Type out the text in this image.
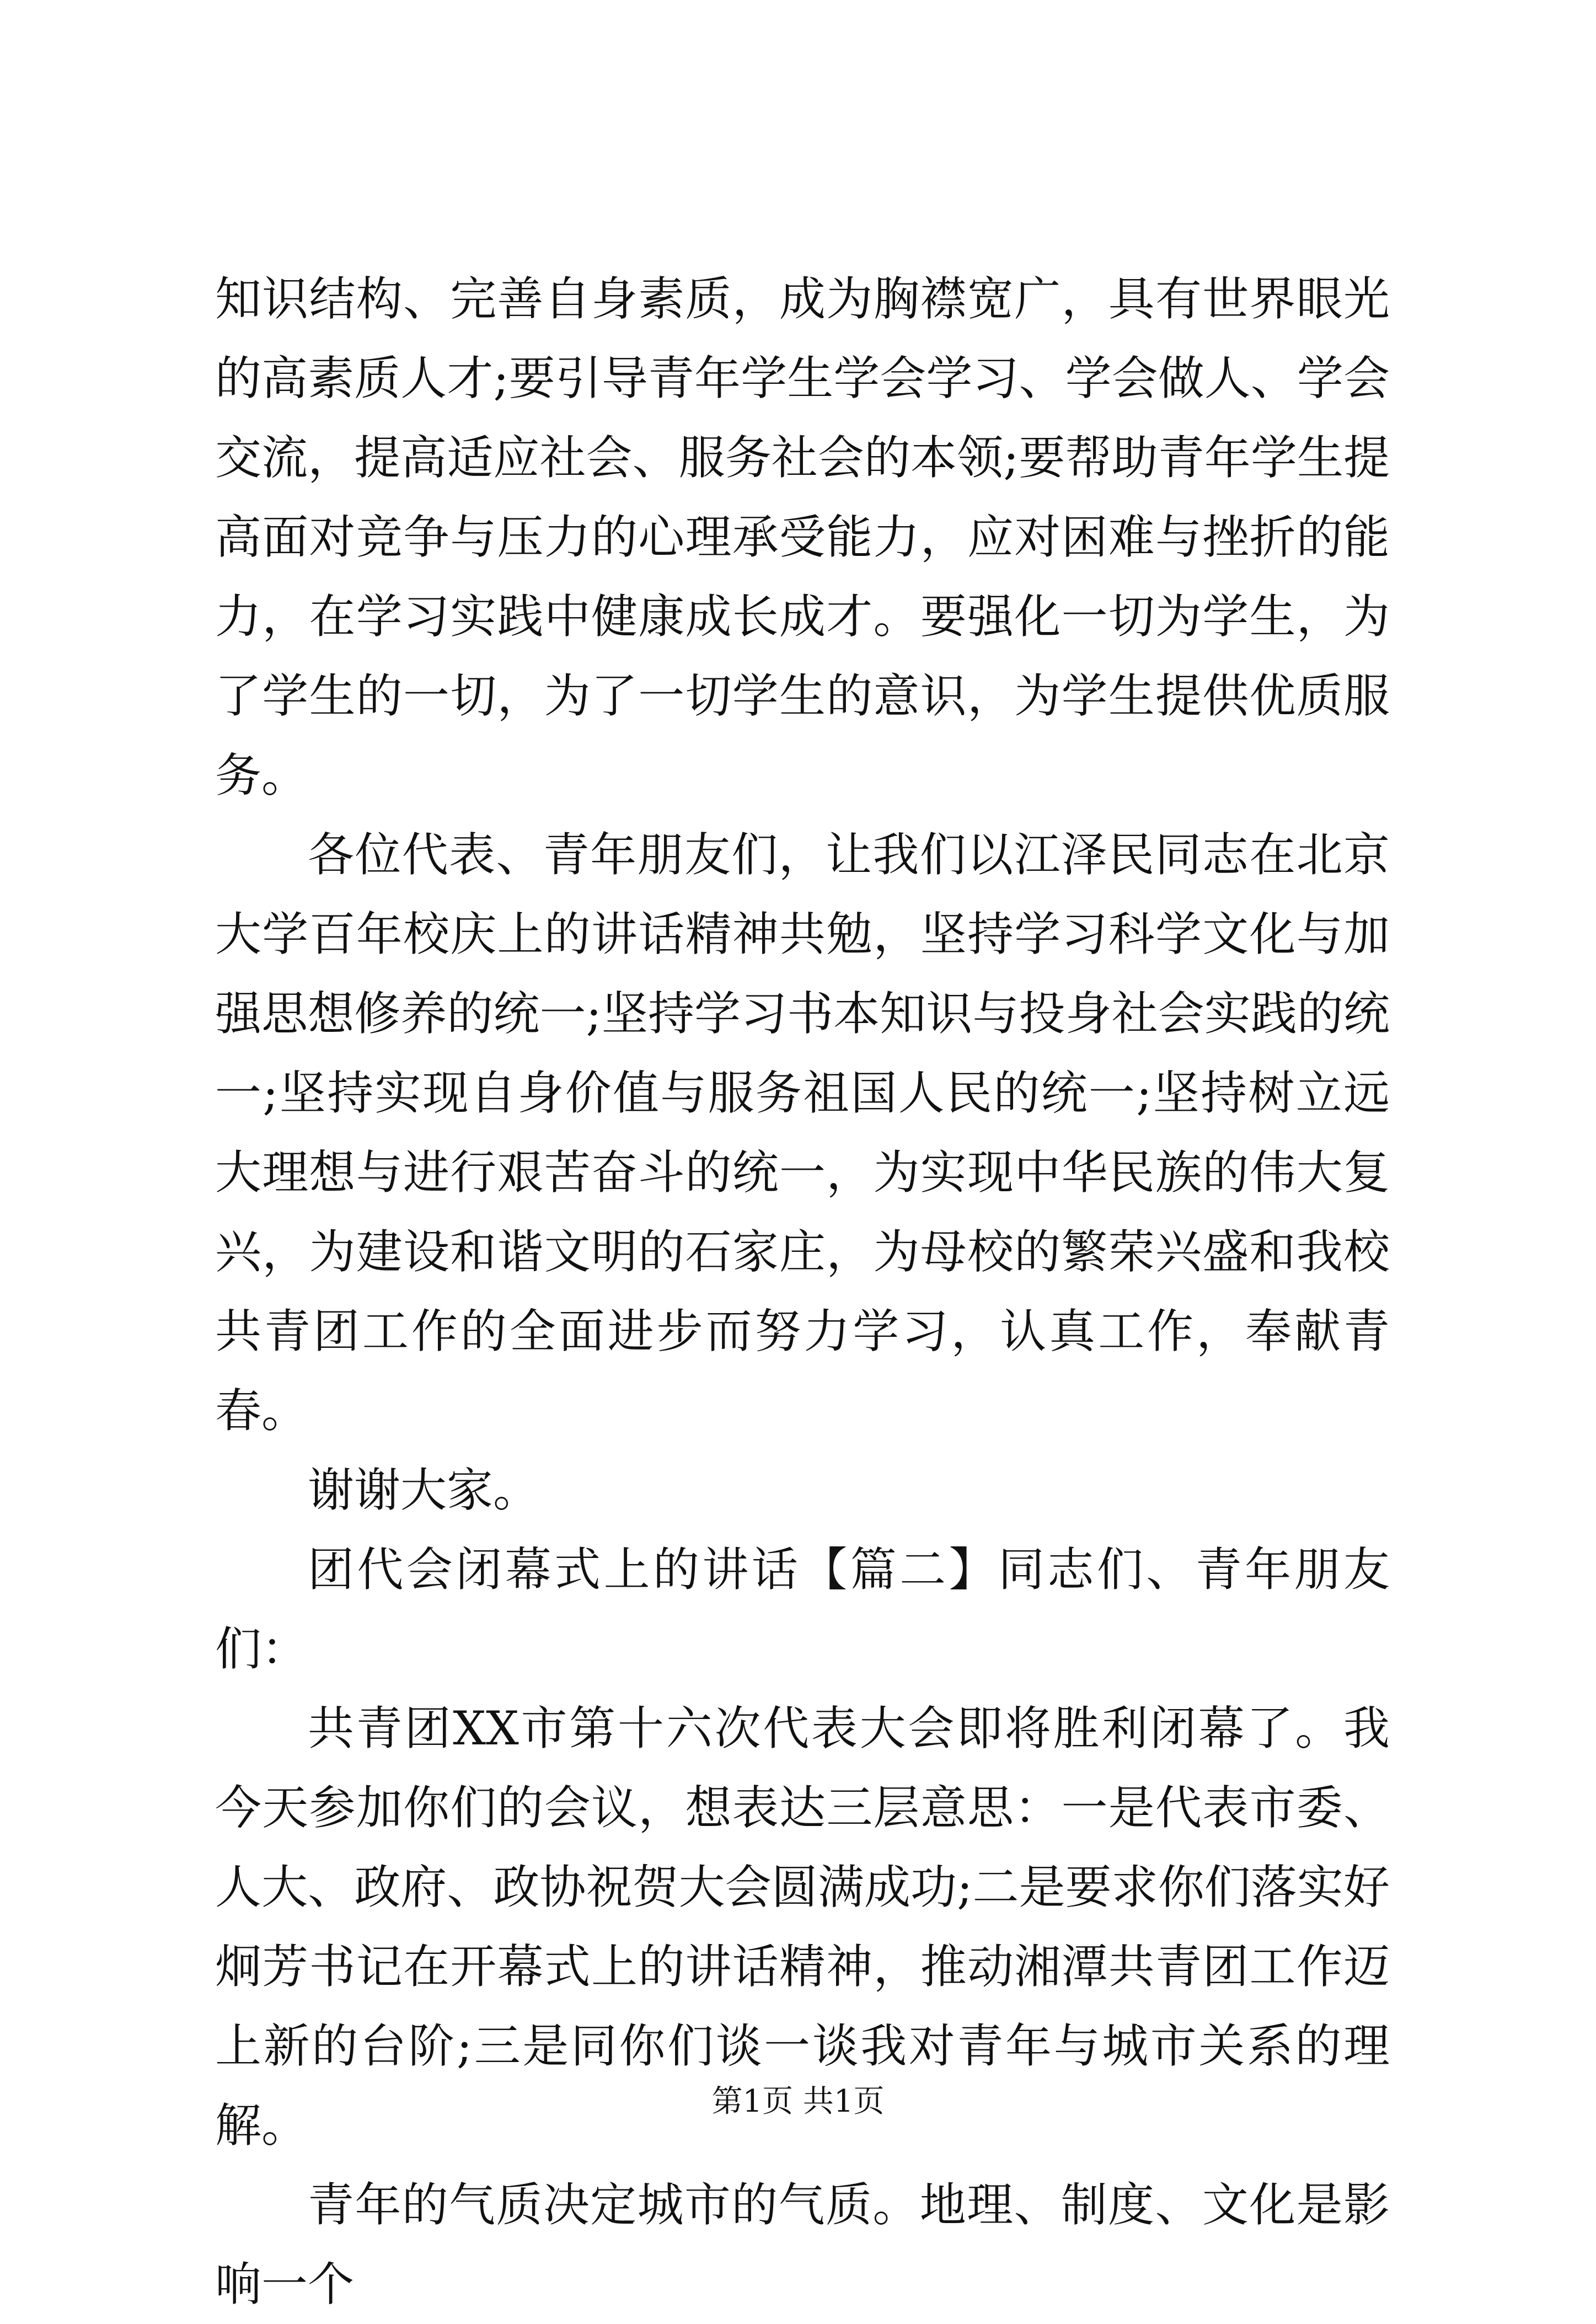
知识结构、完善自身素质，成为胸襟宽广，具有世界眼光的高素质人才;要引导青年学生学会学习、学会做人、学会交流，提高适应社会、服务社会的本领;要帮助青年学生提高面对竞争与压力的心理承受能力，应对困难与挫折的能力，在学习实践中健康成长成才。要强化一切为学生，为了学生的一切，为了一切学生的意识，为学生提供优质服务。

各位代表、青年朋友们，让我们以江泽民同志在北京大学百年校庆上的讲话精神共勉，坚持学习科学文化与加强思想修养的统一;坚持学习书本知识与投身社会实践的统一;坚持实现自身价值与服务祖国人民的统一;坚持树立远大理想与进行艰苦奋斗的统一，为实现中华民族的伟大复兴，为建设和谐文明的石家庄，为母校的繁荣兴盛和我校共青团工作的全面进步而努力学习，认真工作，奉献青春。

谢谢大家。

团代会闭幕式上的讲话【篇二】同志们、青年朋友们：

共青团XX市第十六次代表大会即将胜利闭幕了。我今天参加你们的会议，想表达三层意思：一是代表市委、人大、政府、政协祝贺大会圆满成功;二是要求你们落实好炯芳书记在开幕式上的讲话精神，推动湘潭共青团工作迈上新的台阶;三是同你们谈一谈我对青年与城市关系的理解。

青年的气质决定城市的气质。地理、制度、文化是影响一个

第1页 共1页
